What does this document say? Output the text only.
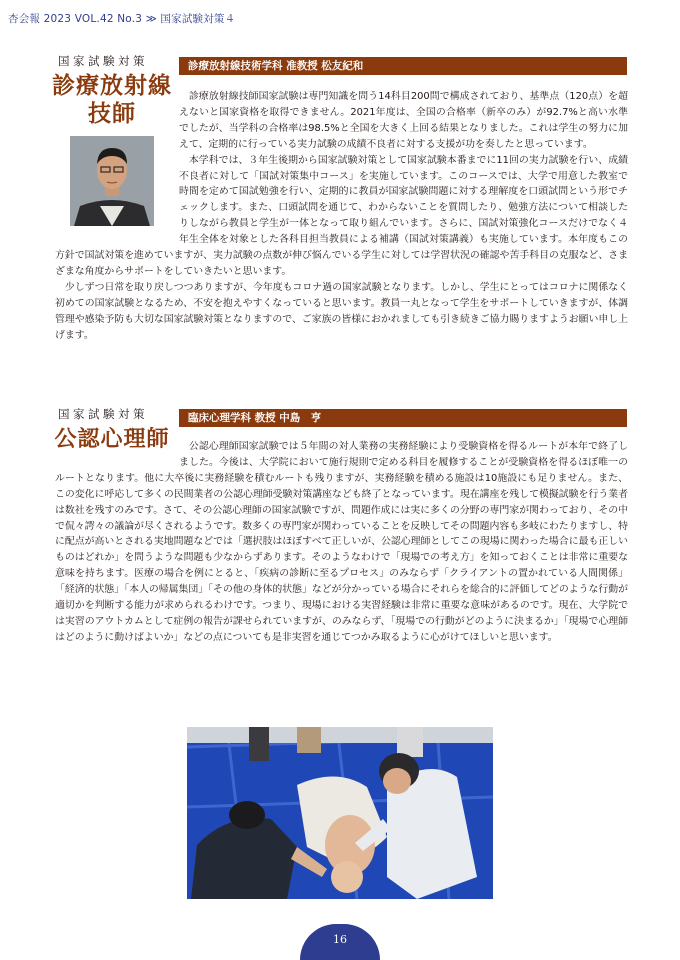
杏会報 2023 VOL.42 No.3 ≫ 国家試験対策４
国家試験対策
診療放射線
技師
診療放射線技術学科 准教授 松友紀和

診療放射線技師国家試験は専門知識を問う14科目200問で構成されており、基準点（120点）を超えないと国家資格を取得できません。2021年度は、全国の合格率（新卒のみ）が92.7%と高い水準でしたが、当学科の合格率は98.5%と全国を大きく上回る結果となりました。これは学生の努力に加えて、定期的に行っている実力試験の成績不良者に対する支援が功を奏したと思っています。

本学科では、３年生後期から国家試験対策として国家試験本番までに11回の実力試験を行い、成績不良者に対して「国試対策集中コース」を実施しています。このコースでは、大学で用意した教室で時間を定めて国試勉強を行い、定期的に教員が国家試験問題に対する理解度を口頭試問という形でチェックします。また、口頭試問を通じて、わからないことを質問したり、勉強方法について相談したりしながら教員と学生が一体となって取り組んでいます。さらに、国試対策強化コースだけでなく４年生全体を対象とした各科目担当教員による補講（国試対策講義）も実施しています。本年度もこの方針で国試対策を進めていますが、実力試験の点数が伸び悩んでいる学生に対しては学習状況の確認や苦手科目の克服など、さまざまな角度からサポートをしていきたいと思います。

少しずつ日常を取り戻しつつありますが、今年度もコロナ過の国家試験となります。しかし、学生にとってはコロナに関係なく初めての国家試験となるため、不安を抱えやすくなっていると思います。教員一丸となって学生をサポートしていきますが、体調管理や感染予防も大切な国家試験対策となりますので、ご家族の皆様におかれましても引き続きご協力賜りますようお願い申し上げます。

国家試験対策
公認心理師
臨床心理学科 教授 中島　亨

公認心理師国家試験では５年間の対人業務の実務経験により受験資格を得るルートが本年で終了しました。今後は、大学院において施行規則で定める科目を履修することが受験資格を得るほぼ唯一のルートとなります。他に大卒後に実務経験を積むルートも残りますが、実務経験を積める施設は10施設にも足りません。また、この変化に呼応して多くの民間業者の公認心理師受験対策講座なども終了となっています。現在講座を残して模擬試験を行う業者は数社を残すのみです。さて、その公認心理師の国家試験ですが、問題作成には実に多くの分野の専門家が関わっており、その中で侃々諤々の議論が尽くされるようです。数多くの専門家が関わっていることを反映してその問題内容も多岐にわたりますし、特に配点が高いとされる実地問題などでは「選択肢はほぼすべて正しいが、公認心理師としてこの現場に関わった場合に最も正しいものはどれか」を問うような問題も少なからずあります。そのようなわけで「現場での考え方」を知っておくことは非常に重要な意味を持ちます。医療の場合を例にとると、「疾病の診断に至るプロセス」のみならず「クライアントの置かれている人間関係」「経済的状態」「本人の帰属集団」「その他の身体的状態」などが分かっている場合にそれらを総合的に評価してどのような行動が適切かを判断する能力が求められるわけです。つまり、現場における実習経験は非常に重要な意味があるのです。現在、大学院では実習のアウトカムとして症例の報告が課せられていますが、のみならず、「現場での行動がどのように決まるか」「現場で心理師はどのように動けばよいか」などの点についても是非実習を通じてつかみ取るように心がけてほしいと思います。

16
